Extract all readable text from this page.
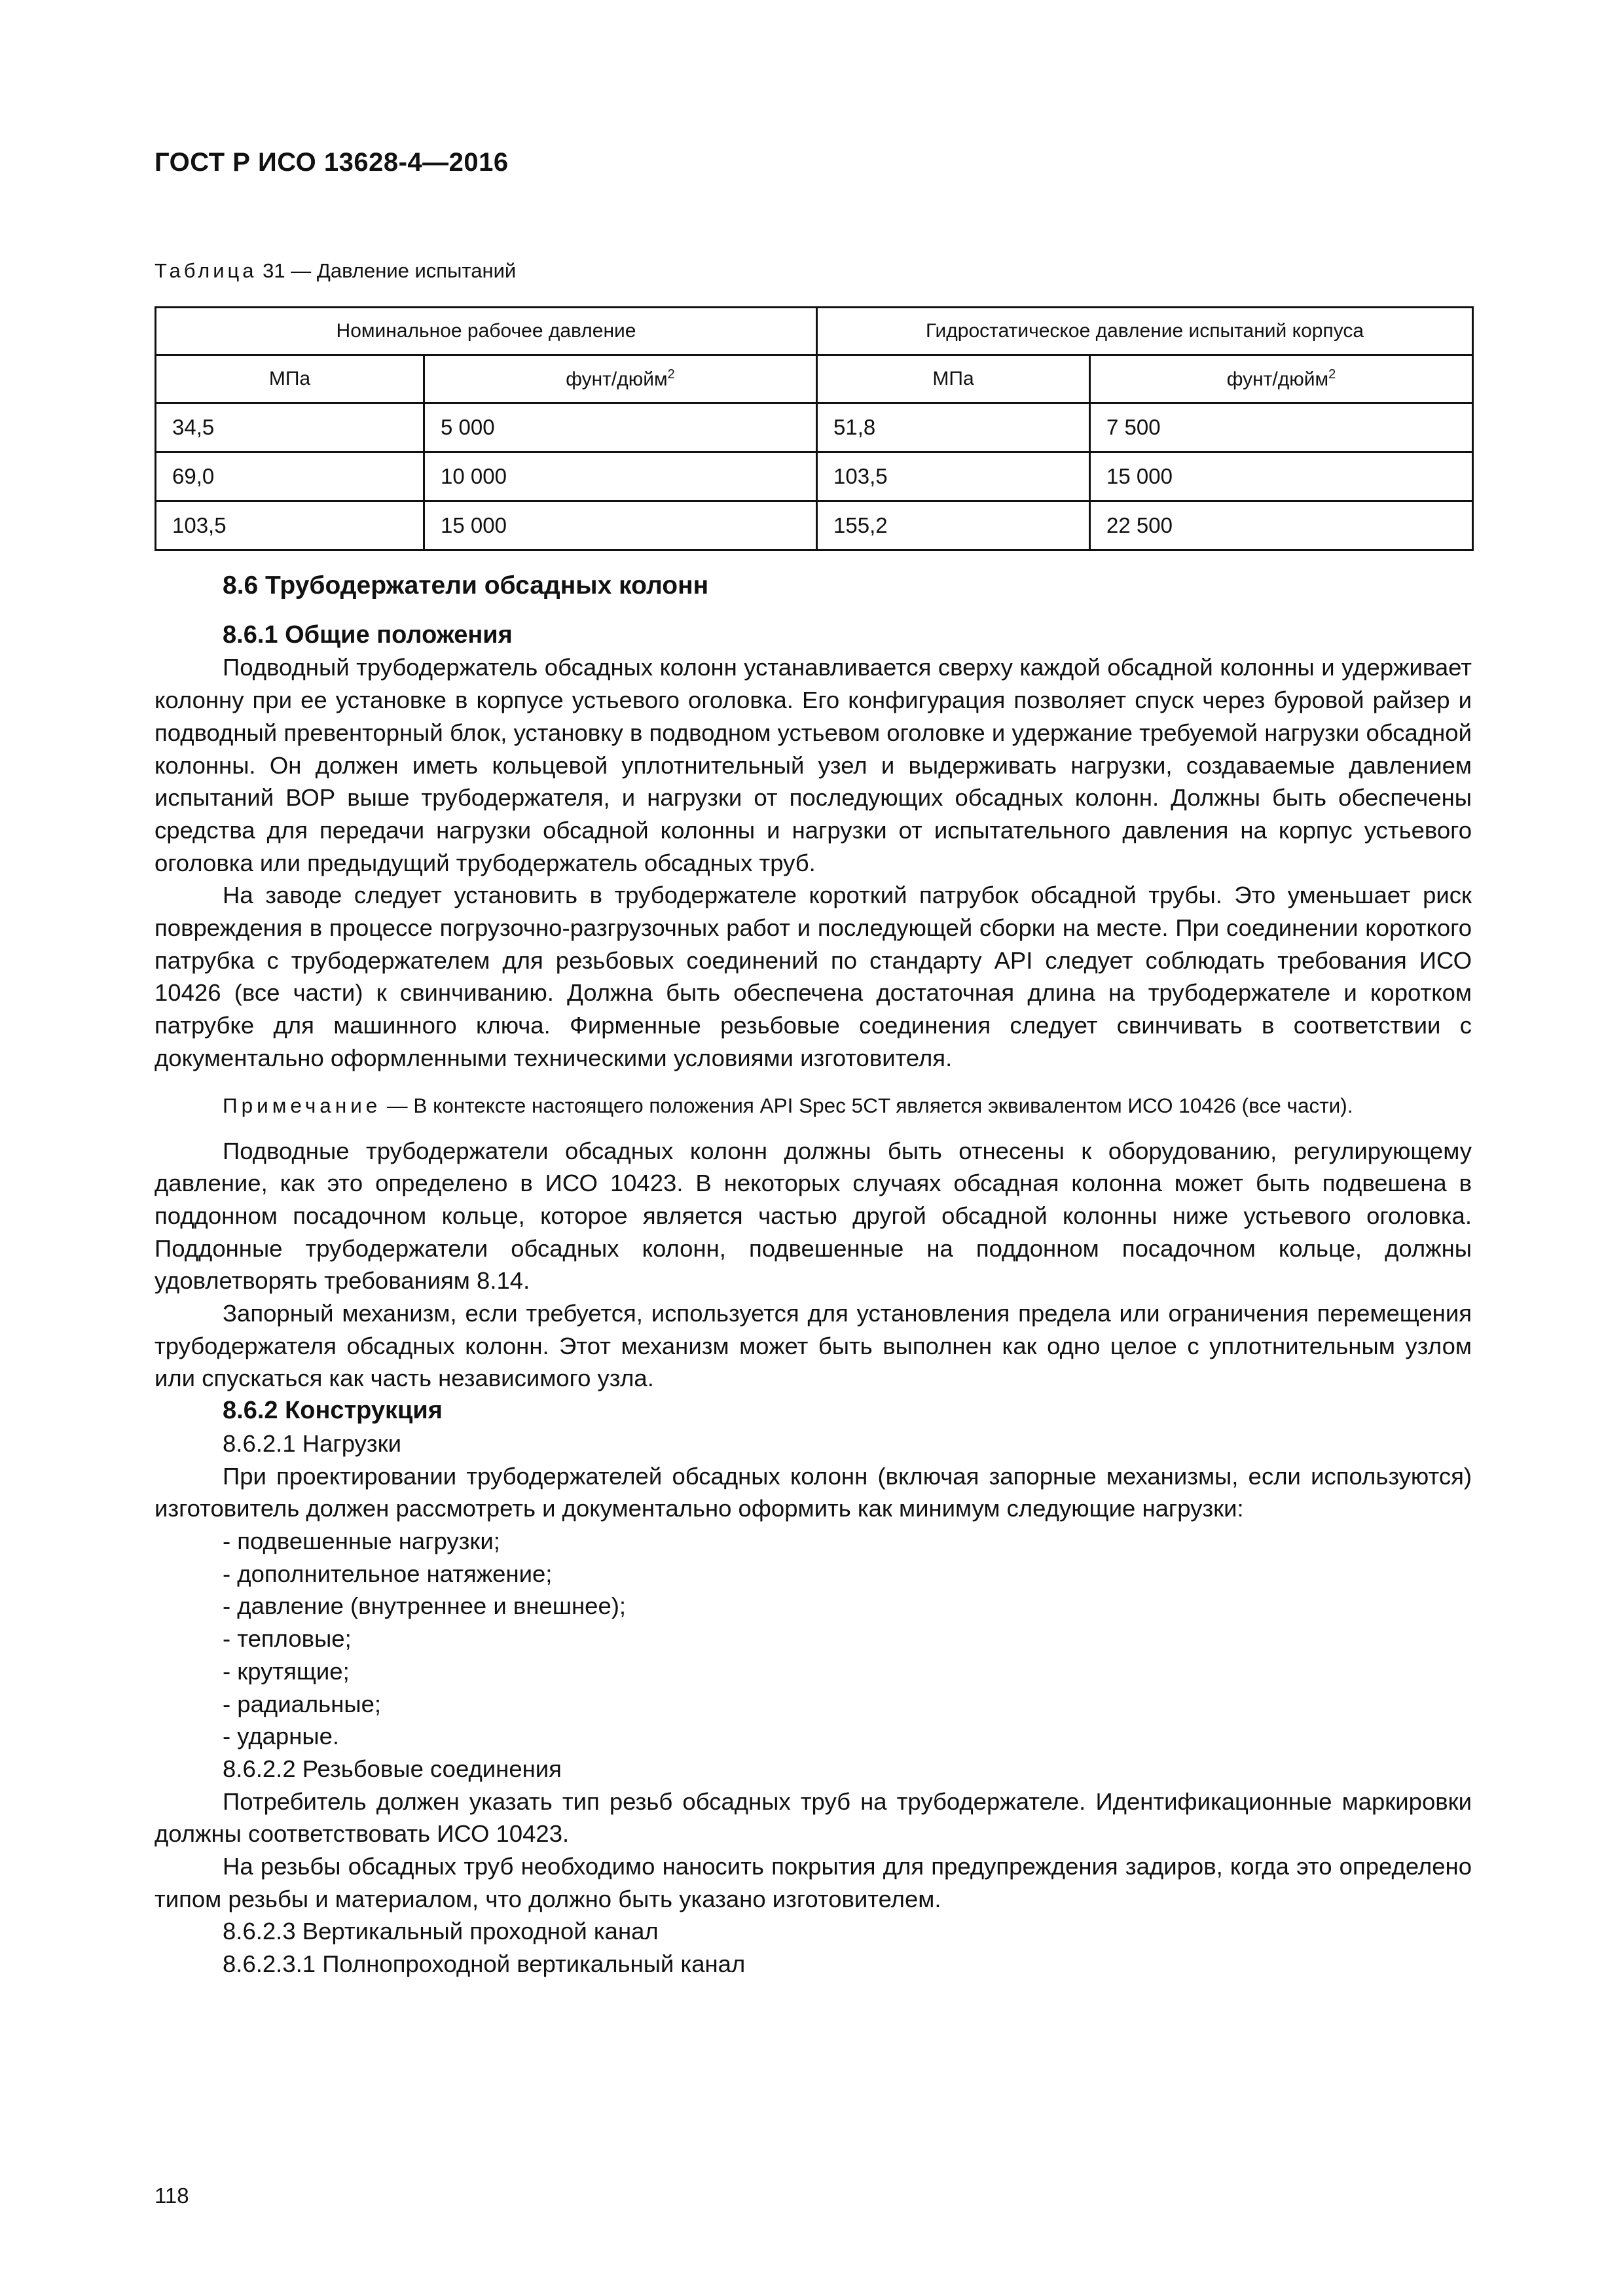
ГОСТ Р ИСО 13628-4—2016
Таблица 31 — Давление испытаний
Номинальное рабочее давление		Гидростатическое давление испытаний корпуса	
МПа	фунт/дюйм$^2$	МПа	фунт/дюйм$^2$
34,5	5 000	51,8	7 500
69,0	10 000	103,5	15 000
103,5	15 000	155,2	22 500

8.6 Трубодержатели обсадных колонн

8.6.1 Общие положения

Подводный трубодержатель обсадных колонн устанавливается сверху каждой обсадной колонны и удерживает колонну при ее установке в корпусе устьевого оголовка. Его конфигурация позволяет спуск через буровой райзер и подводный превенторный блок, установку в подводном устьевом оголовке и удержание требуемой нагрузки обсадной колонны. Он должен иметь кольцевой уплотнительный узел и выдерживать нагрузки, создаваемые давлением испытаний ВОР выше трубодержателя, и нагрузки от последующих обсадных колонн. Должны быть обеспечены средства для передачи нагрузки обсадной колонны и нагрузки от испытательного давления на корпус устьевого оголовка или предыдущий трубодержатель обсадных труб.

На заводе следует установить в трубодержателе короткий патрубок обсадной трубы. Это уменьшает риск повреждения в процессе погрузочно-разгрузочных работ и последующей сборки на месте. При соединении короткого патрубка с трубодержателем для резьбовых соединений по стандарту API следует соблюдать требования ИСО 10426 (все части) к свинчиванию. Должна быть обеспечена достаточная длина на трубодержателе и коротком патрубке для машинного ключа. Фирменные резьбовые соединения следует свинчивать в соответствии с документально оформленными техническими условиями изготовителя.

Примечание — В контексте настоящего положения API Spec 5CT является эквивалентом ИСО 10426 (все части).

Подводные трубодержатели обсадных колонн должны быть отнесены к оборудованию, регулирующему давление, как это определено в ИСО 10423. В некоторых случаях обсадная колонна может быть подвешена в поддонном посадочном кольце, которое является частью другой обсадной колонны ниже устьевого оголовка. Поддонные трубодержатели обсадных колонн, подвешенные на поддонном посадочном кольце, должны удовлетворять требованиям 8.14.

Запорный механизм, если требуется, используется для установления предела или ограничения перемещения трубодержателя обсадных колонн. Этот механизм может быть выполнен как одно целое с уплотнительным узлом или спускаться как часть независимого узла.

8.6.2 Конструкция

8.6.2.1 Нагрузки

При проектировании трубодержателей обсадных колонн (включая запорные механизмы, если используются) изготовитель должен рассмотреть и документально оформить как минимум следующие нагрузки:

- подвешенные нагрузки;

- дополнительное натяжение;

- давление (внутреннее и внешнее);

- тепловые;

- крутящие;

- радиальные;

- ударные.

8.6.2.2 Резьбовые соединения

Потребитель должен указать тип резьб обсадных труб на трубодержателе. Идентификационные маркировки должны соответствовать ИСО 10423.

На резьбы обсадных труб необходимо наносить покрытия для предупреждения задиров, когда это определено типом резьбы и материалом, что должно быть указано изготовителем.

8.6.2.3 Вертикальный проходной канал

8.6.2.3.1 Полнопроходной вертикальный канал

118
